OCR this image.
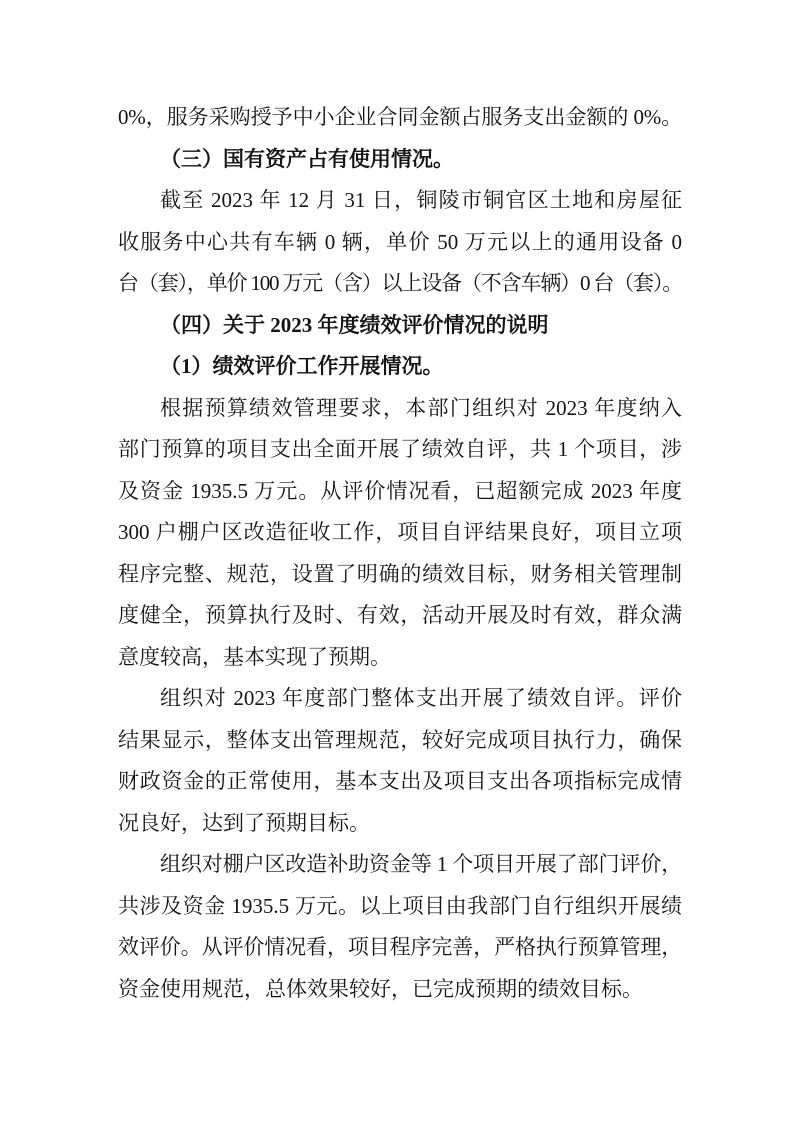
0%，服务采购授予中小企业合同金额占服务支出金额的 0%。
（三）国有资产占有使用情况。
截至 2023 年 12 月 31 日，铜陵市铜官区土地和房屋征
收服务中心共有车辆 0 辆，单价 50 万元以上的通用设备 0
台（套），单价 100 万元（含）以上设备（不含车辆）0 台（套）。
（四）关于 2023 年度绩效评价情况的说明
（1）绩效评价工作开展情况。
根据预算绩效管理要求，本部门组织对 2023 年度纳入
部门预算的项目支出全面开展了绩效自评，共 1 个项目，涉
及资金 1935.5 万元。从评价情况看，已超额完成 2023 年度
300 户棚户区改造征收工作，项目自评结果良好，项目立项
程序完整、规范，设置了明确的绩效目标，财务相关管理制
度健全，预算执行及时、有效，活动开展及时有效，群众满
意度较高，基本实现了预期。
组织对 2023 年度部门整体支出开展了绩效自评。评价
结果显示，整体支出管理规范，较好完成项目执行力，确保
财政资金的正常使用，基本支出及项目支出各项指标完成情
况良好，达到了预期目标。
组织对棚户区改造补助资金等 1 个项目开展了部门评价，
共涉及资金 1935.5 万元。以上项目由我部门自行组织开展绩
效评价。从评价情况看，项目程序完善，严格执行预算管理，
资金使用规范，总体效果较好，已完成预期的绩效目标。
